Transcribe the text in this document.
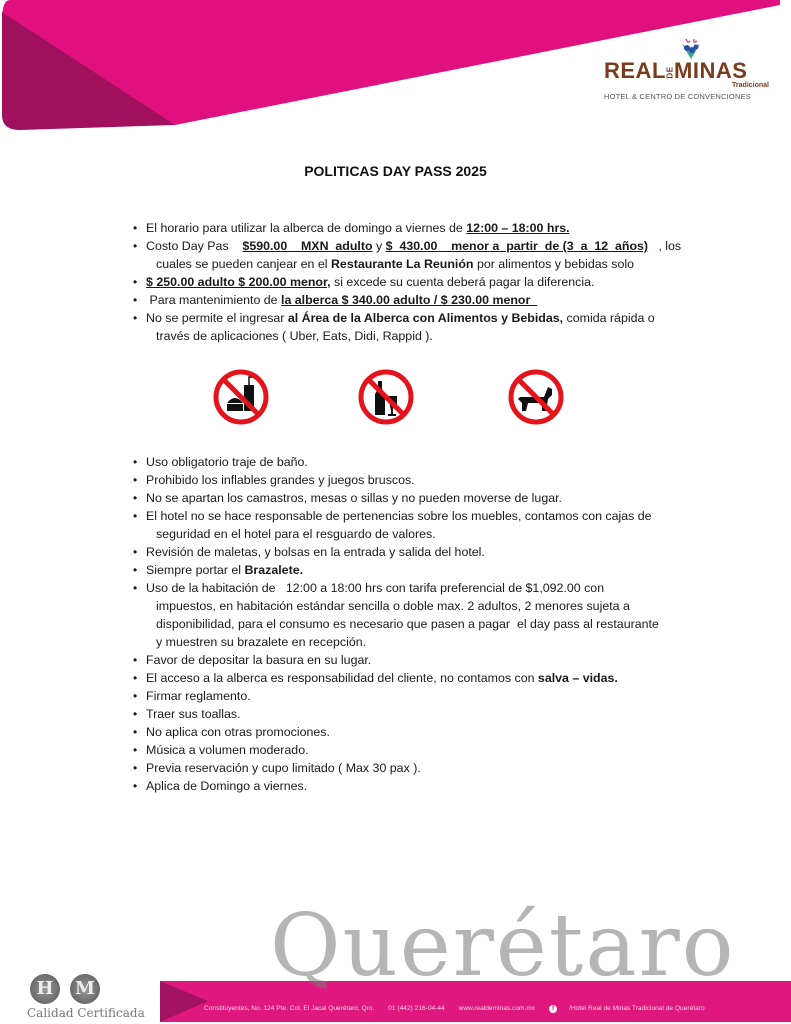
REALDEMINAS
Tradicional
HOTEL & CENTRO DE CONVENCIONES
POLITICAS DAY PASS 2025
• El horario para utilizar la alberca de domingo a viernes de 12:00 – 18:00 hrs.
• Costo Day Pas    $590.00    MXN  adulto y $  430.00    menor a  partir  de (3  a  12  años)   , los
cuales se pueden canjear en el Restaurante La Reunión por alimentos y bebidas solo
• $ 250.00 adulto $ 200.00 menor, si excede su cuenta deberá pagar la diferencia.
•  Para mantenimiento de la alberca $ 340.00 adulto / $ 230.00 menor
• No se permite el ingresar al Área de la Alberca con Alimentos y Bebidas, comida rápida o
través de aplicaciones ( Uber, Eats, Didi, Rappid ).
• Uso obligatorio traje de baño.
• Prohibido los inflables grandes y juegos bruscos.
• No se apartan los camastros, mesas o sillas y no pueden moverse de lugar.
• El hotel no se hace responsable de pertenencias sobre los muebles, contamos con cajas de
seguridad en el hotel para el resguardo de valores.
• Revisión de maletas, y bolsas en la entrada y salida del hotel.
• Siempre portar el Brazalete.
• Uso de la habitación de   12:00 a 18:00 hrs con tarifa preferencial de $1,092.00 con
impuestos, en habitación estándar sencilla o doble max. 2 adultos, 2 menores sujeta a
disponibilidad, para el consumo es necesario que pasen a pagar  el day pass al restaurante
y muestren su brazalete en recepción.
• Favor de depositar la basura en su lugar.
• El acceso a la alberca es responsabilidad del cliente, no contamos con salva – vidas.
• Firmar reglamento.
• Traer sus toallas.
• No aplica con otras promociones.
• Música a volumen moderado.
• Previa reservación y cupo limitado ( Max 30 pax ).
• Aplica de Domingo a viernes.
Querétaro
H	M
Calidad Certificada	Constituyentes, No. 124 Pte. Col. El Jacal Querétaro, Qro. 01 (442) 216-04-44 www.realdeminas.com.mx	f /Hotel Real de Minas Tradicional de Querétaro
